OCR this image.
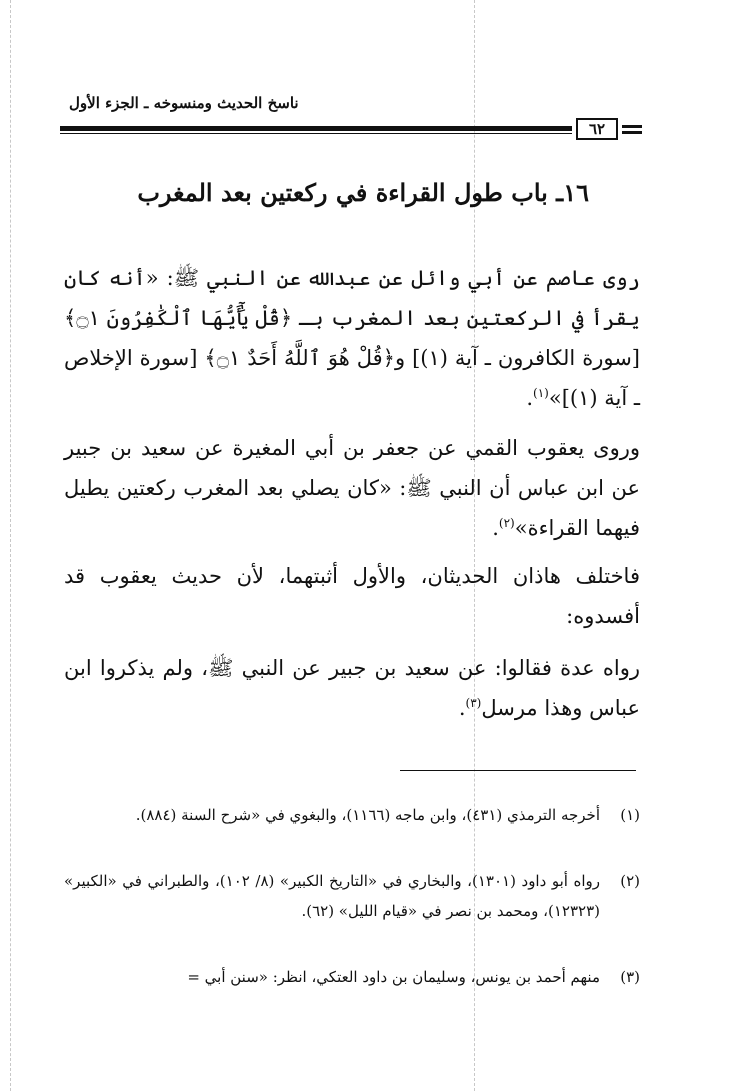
ناسخ الحديث ومنسوخه ـ الجزء الأول
٦٢
١٦ـ باب طول القراءة في ركعتين بعد المغرب
روى عاصم عن أبي وائل عن عبدالله عن النبي ﷺ: «أنه كان يقرأ في الركعتين بعد المغرب بـ ﴿قُلْ يَٰٓأَيُّهَا ٱلْكَٰفِرُونَ ۝١﴾ [سورة الكافرون ـ آية (١)] و﴿قُلْ هُوَ ٱللَّهُ أَحَدٌ ۝١﴾ [سورة الإخلاص ـ آية (١)]»$^{(١)}$.
وروى يعقوب القمي عن جعفر بن أبي المغيرة عن سعيد بن جبير عن ابن عباس أن النبي ﷺ: «كان يصلي بعد المغرب ركعتين يطيل فيهما القراءة»$^{(٢)}$.
فاختلف هاذان الحديثان، والأول أثبتهما، لأن حديث يعقوب قد أفسدوه:
رواه عدة فقالوا: عن سعيد بن جبير عن النبي ﷺ، ولم يذكروا ابن عباس وهذا مرسل$^{(٣)}$.
(١)
أخرجه الترمذي (٤٣١)، وابن ماجه (١١٦٦)، والبغوي في «شرح السنة (٨٨٤).
(٢)
رواه أبو داود (١٣٠١)، والبخاري في «التاريخ الكبير» (٨/ ١٠٢)، والطبراني في «الكبير» (١٢٣٢٣)، ومحمد بن نصر في «قيام الليل» (٦٢).
(٣)
منهم أحمد بن يونس، وسليمان بن داود العتكي، انظر: «سنن أبي =
